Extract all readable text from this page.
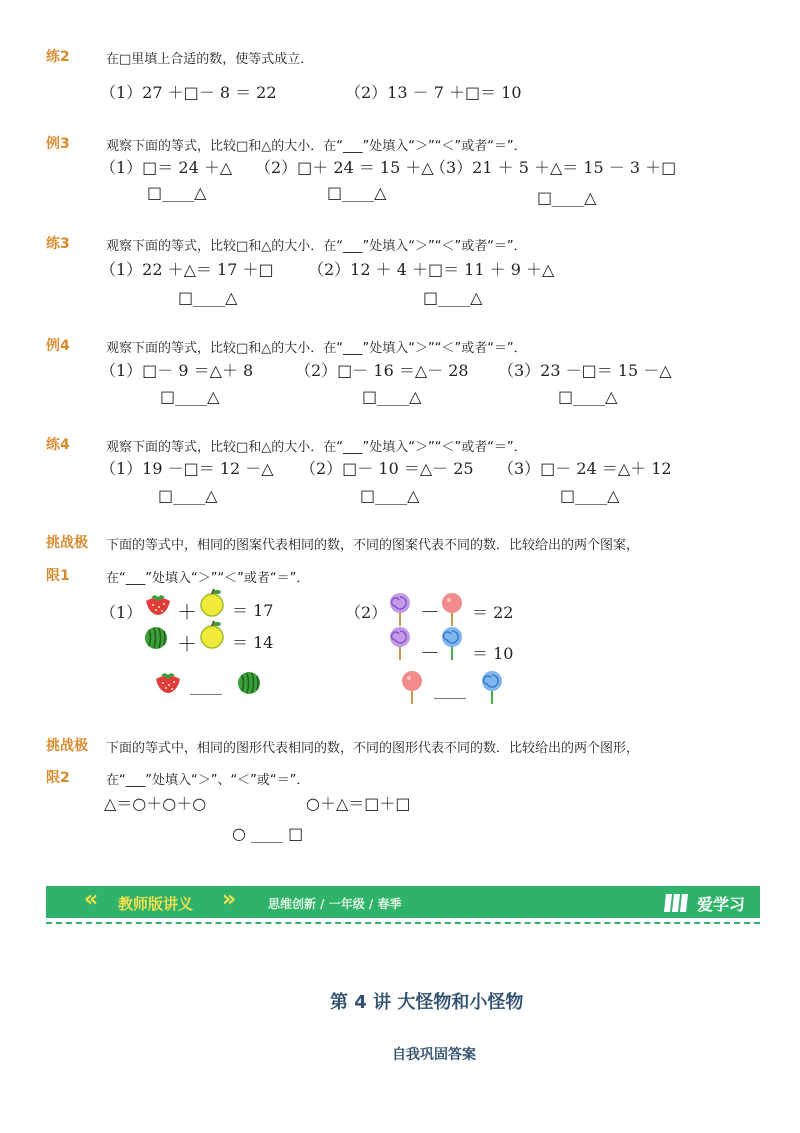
练2	在□里填上合适的数，使等式成立．
（1）27 ＋□－ 8 ＝ 22	（2）13 － 7 ＋□＝ 10
例3	观察下面的等式，比较□和△的大小．在“___”处填入“＞”“＜”或者“＝”．
（1）□＝ 24 ＋△ （2）□＋ 24 ＝ 15 ＋△
（3）21 ＋ 5 ＋△＝ 15 － 3 ＋□
□____△	□____△	□____△
练3	观察下面的等式，比较□和△的大小．在“___”处填入“＞”“＜”或者“＝”．
（1）22 ＋△＝ 17 ＋□ （2）12 ＋ 4 ＋□＝ 11 ＋ 9 ＋△
□____△	□____△
例4	观察下面的等式，比较□和△的大小．在“___”处填入“＞”“＜”或者“＝”．
（1）□－ 9 ＝△＋ 8	（2）□－ 16 ＝△－ 28 （3）23 －□＝ 15 －△
□____△	□____△	□____△
练4	观察下面的等式，比较□和△的大小．在“___”处填入“＞”“＜”或者“＝”．
（1）19 －□＝ 12 －△ （2）□－ 10 ＝△－ 25 （3）□－ 24 ＝△＋ 12
□____△	□____△	□____△
挑战极 下面的等式中，相同的图案代表相同的数，不同的图案代表不同的数．比较给出的两个图案，
限1	在“___”处填入“＞”“＜”或者“＝”．
（1） ＋ ＝ 17
＋ ＝ 14
____
（2） － ＝ 22
－ ＝ 10
____
挑战极 下面的等式中，相同的图形代表相同的数，不同的图形代表不同的数．比较给出的两个图形，
限2	在“___”处填入“＞”、“＜”或“＝”．
△＝○＋○＋○	○＋△＝□＋□
○ ____ □
« 教师版讲义 »	思维创新 / 一年级 / 春季	爱学习
第 4 讲 大怪物和小怪物
自我巩固答案
